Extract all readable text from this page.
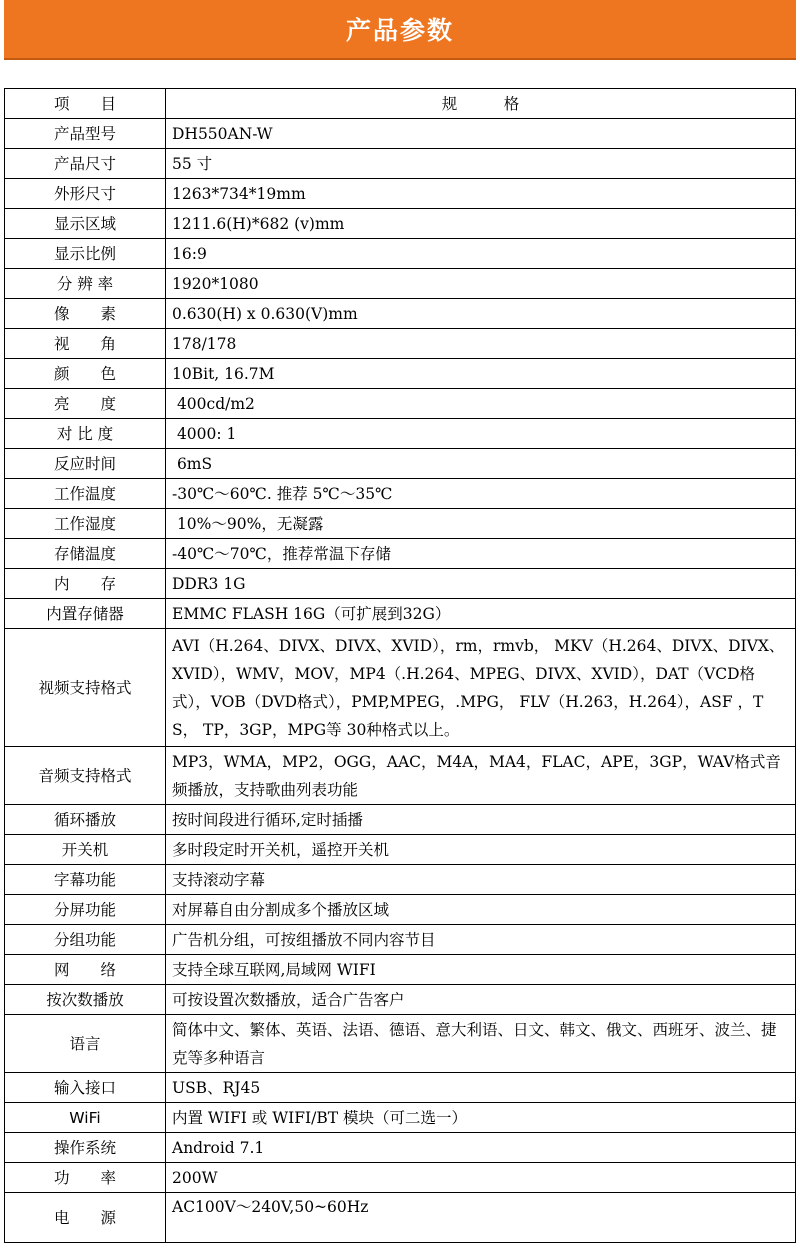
产品参数
项　　目	规　　　格
产品型号	DH550AN-W
产品尺寸	55 寸
外形尺寸	1263*734*19mm
显示区域	1211.6(H)*682 (v)mm
显示比例	16:9
分 辨 率	1920*1080
像　　素	0.630(H) x 0.630(V)mm
视　　角	178/178
颜　　色	10Bit, 16.7M
亮　　度	400cd/m2
对 比 度	4000: 1
反应时间	6mS
工作温度	-30℃～60℃. 推荐 5℃～35℃
工作湿度	10%～90%，无凝露
存储温度	-40℃～70℃，推荐常温下存储
内　　存	DDR3 1G
内置存储器	EMMC FLASH 16G（可扩展到32G）
视频支持格式	AVI（H.264、DIVX、DIVX、XVID），rm，rmvb， MKV（H.264、DIVX、DIVX、XVID），WMV，MOV，MP4（.H.264、MPEG、DIVX、XVID），DAT（VCD格式），VOB（DVD格式），PMP,MPEG，.MPG， FLV（H.263，H.264），ASF ，TS， TP，3GP，MPG等 30种格式以上。
音频支持格式	MP3，WMA，MP2，OGG，AAC，M4A，MA4，FLAC，APE，3GP，WAV格式音频播放，支持歌曲列表功能
循环播放	按时间段进行循环,定时插播
开关机	多时段定时开关机，遥控开关机
字幕功能	支持滚动字幕
分屏功能	对屏幕自由分割成多个播放区域
分组功能	广告机分组，可按组播放不同内容节目
网　　络	支持全球互联网,局域网 WIFI
按次数播放	可按设置次数播放，适合广告客户
语言	简体中文、繁体、英语、法语、德语、意大利语、日文、韩文、俄文、西班牙、波兰、捷克等多种语言
输入接口	USB、RJ45
WiFi	内置 WIFI 或 WIFI/BT 模块（可二选一）
操作系统	Android 7.1
功　　率	200W
电　　源	AC100V～240V,50~60Hz
